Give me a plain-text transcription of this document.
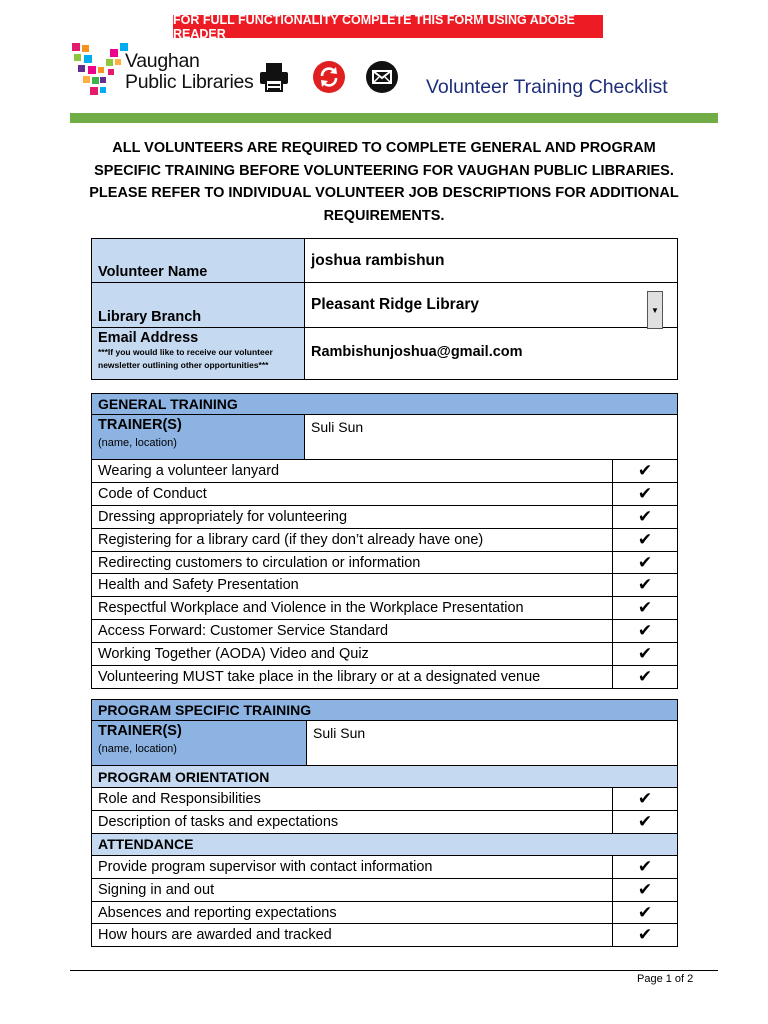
FOR FULL FUNCTIONALITY COMPLETE THIS FORM USING ADOBE READER
Vaughan
Public Libraries	Volunteer Training Checklist
ALL VOLUNTEERS ARE REQUIRED TO COMPLETE GENERAL AND PROGRAM SPECIFIC TRAINING BEFORE VOLUNTEERING FOR VAUGHAN PUBLIC LIBRARIES. PLEASE REFER TO INDIVIDUAL VOLUNTEER JOB DESCRIPTIONS FOR ADDITIONAL REQUIREMENTS.
Volunteer Name	joshua rambishun
Library Branch	Pleasant Ridge Library ▼

Email Address
***If you would like to receive our volunteer newsletter outlining other opportunities***	Rambishunjoshua@gmail.com
GENERAL TRAINING		

TRAINER(S)
(name, location)	Suli Sun	
Wearing a volunteer lanyard		✔
Code of Conduct		✔
Dressing appropriately for volunteering		✔
Registering for a library card (if they don’t already have one)		✔
Redirecting customers to circulation or information		✔
Health and Safety Presentation		✔
Respectful Workplace and Violence in the Workplace Presentation		✔
Access Forward: Customer Service Standard		✔
Working Together (AODA) Video and Quiz		✔
Volunteering MUST take place in the library or at a designated venue		✔
PROGRAM SPECIFIC TRAINING		

TRAINER(S)
(name, location)	Suli Sun	
PROGRAM ORIENTATION		
Role and Responsibilities		✔
Description of tasks and expectations		✔
ATTENDANCE		
Provide program supervisor with contact information		✔
Signing in and out		✔
Absences and reporting expectations		✔
How hours are awarded and tracked		✔
Page 1 of 2
